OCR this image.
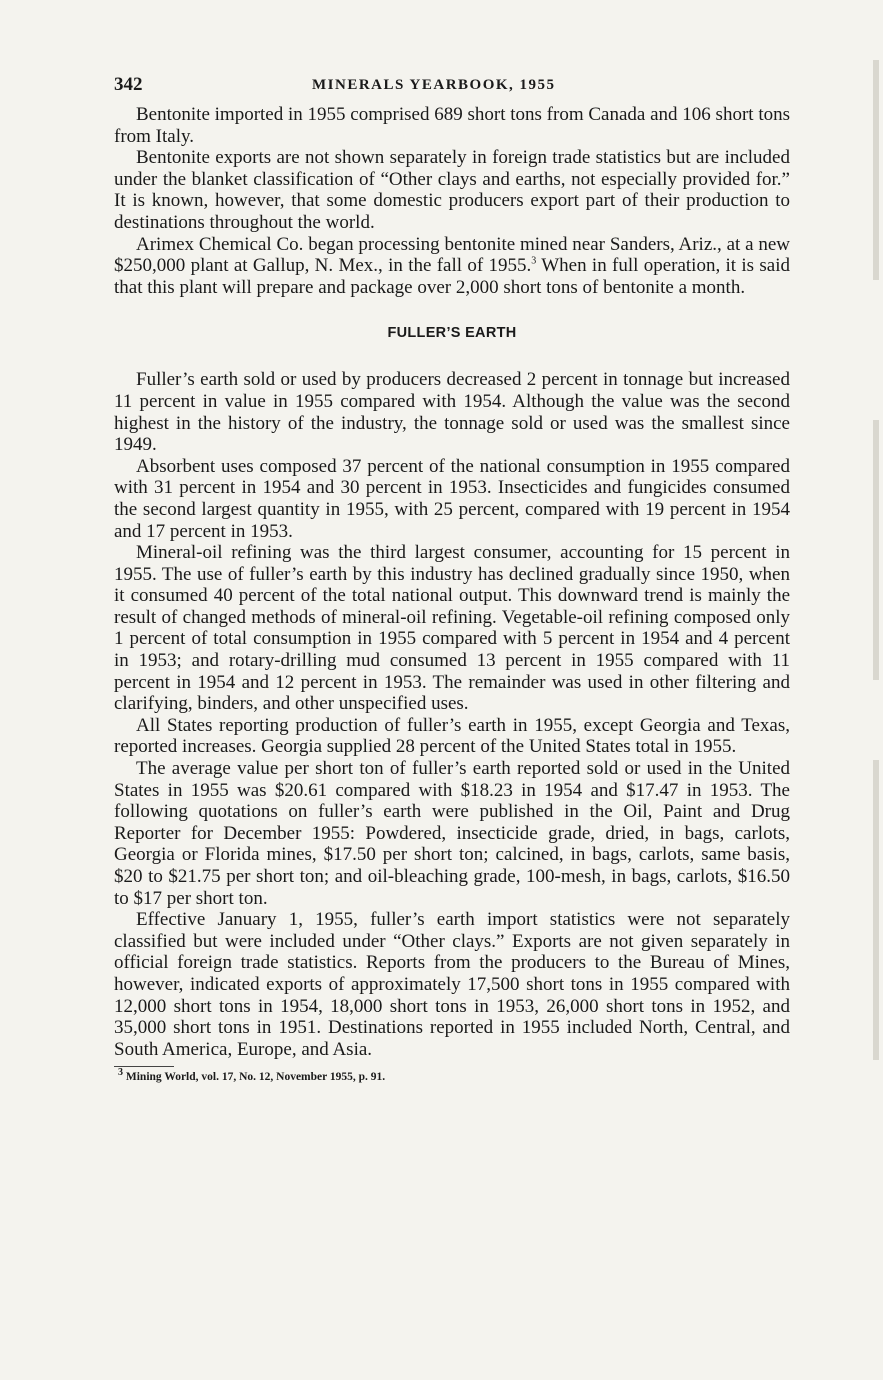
342	MINERALS YEARBOOK, 1955

Bentonite imported in 1955 comprised 689 short tons from Canada and 106 short tons from Italy.

Bentonite exports are not shown separately in foreign trade statistics but are included under the blanket classification of “Other clays and earths, not especially provided for.” It is known, however, that some domestic producers export part of their production to destinations throughout the world.

Arimex Chemical Co. began processing bentonite mined near Sanders, Ariz., at a new $250,000 plant at Gallup, N. Mex., in the fall of 1955.$^3$ When in full operation, it is said that this plant will prepare and package over 2,000 short tons of bentonite a month.

FULLER’S EARTH

Fuller’s earth sold or used by producers decreased 2 percent in tonnage but increased 11 percent in value in 1955 compared with 1954. Although the value was the second highest in the history of the industry, the tonnage sold or used was the smallest since 1949.

Absorbent uses composed 37 percent of the national consumption in 1955 compared with 31 percent in 1954 and 30 percent in 1953. Insecticides and fungicides consumed the second largest quantity in 1955, with 25 percent, compared with 19 percent in 1954 and 17 percent in 1953.

Mineral-oil refining was the third largest consumer, accounting for 15 percent in 1955. The use of fuller’s earth by this industry has declined gradually since 1950, when it consumed 40 percent of the total national output. This downward trend is mainly the result of changed methods of mineral-oil refining. Vegetable-oil refining composed only 1 percent of total consumption in 1955 compared with 5 percent in 1954 and 4 percent in 1953; and rotary-drilling mud consumed 13 percent in 1955 compared with 11 percent in 1954 and 12 percent in 1953. The remainder was used in other filtering and clarifying, binders, and other unspecified uses.

All States reporting production of fuller’s earth in 1955, except Georgia and Texas, reported increases. Georgia supplied 28 percent of the United States total in 1955.

The average value per short ton of fuller’s earth reported sold or used in the United States in 1955 was $20.61 compared with $18.23 in 1954 and $17.47 in 1953. The following quotations on fuller’s earth were published in the Oil, Paint and Drug Reporter for December 1955: Powdered, insecticide grade, dried, in bags, carlots, Georgia or Florida mines, $17.50 per short ton; calcined, in bags, carlots, same basis, $20 to $21.75 per short ton; and oil-bleaching grade, 100-mesh, in bags, carlots, $16.50 to $17 per short ton.

Effective January 1, 1955, fuller’s earth import statistics were not separately classified but were included under “Other clays.” Exports are not given separately in official foreign trade statistics. Reports from the producers to the Bureau of Mines, however, indicated exports of approximately 17,500 short tons in 1955 compared with 12,000 short tons in 1954, 18,000 short tons in 1953, 26,000 short tons in 1952, and 35,000 short tons in 1951. Destinations reported in 1955 included North, Central, and South America, Europe, and Asia.

$^3$ Mining World, vol. 17, No. 12, November 1955, p. 91.
